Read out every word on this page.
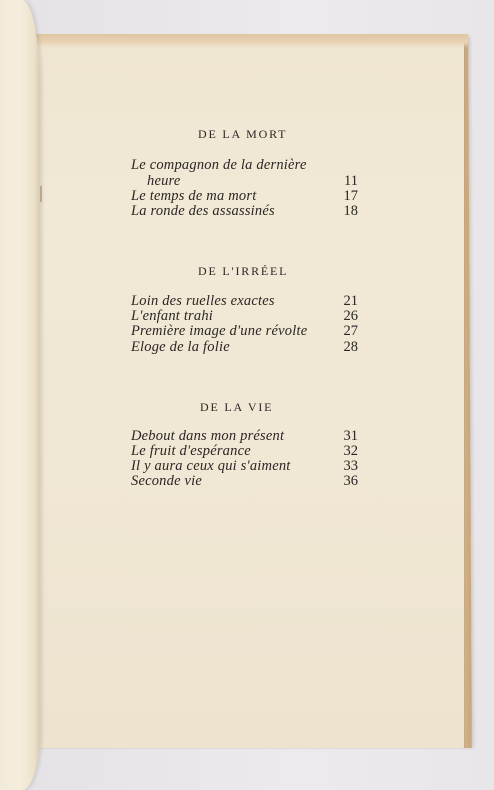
DE LA MORT
Le compagnon de la dernière
heure	11
Le temps de ma mort	17
La ronde des assassinés	18
DE L'IRRÉEL
Loin des ruelles exactes	21
L'enfant trahi	26
Première image d'une révolte	27
Eloge de la folie	28
DE LA VIE
Debout dans mon présent	31
Le fruit d'espérance	32
Il y aura ceux qui s'aiment	33
Seconde vie	36
